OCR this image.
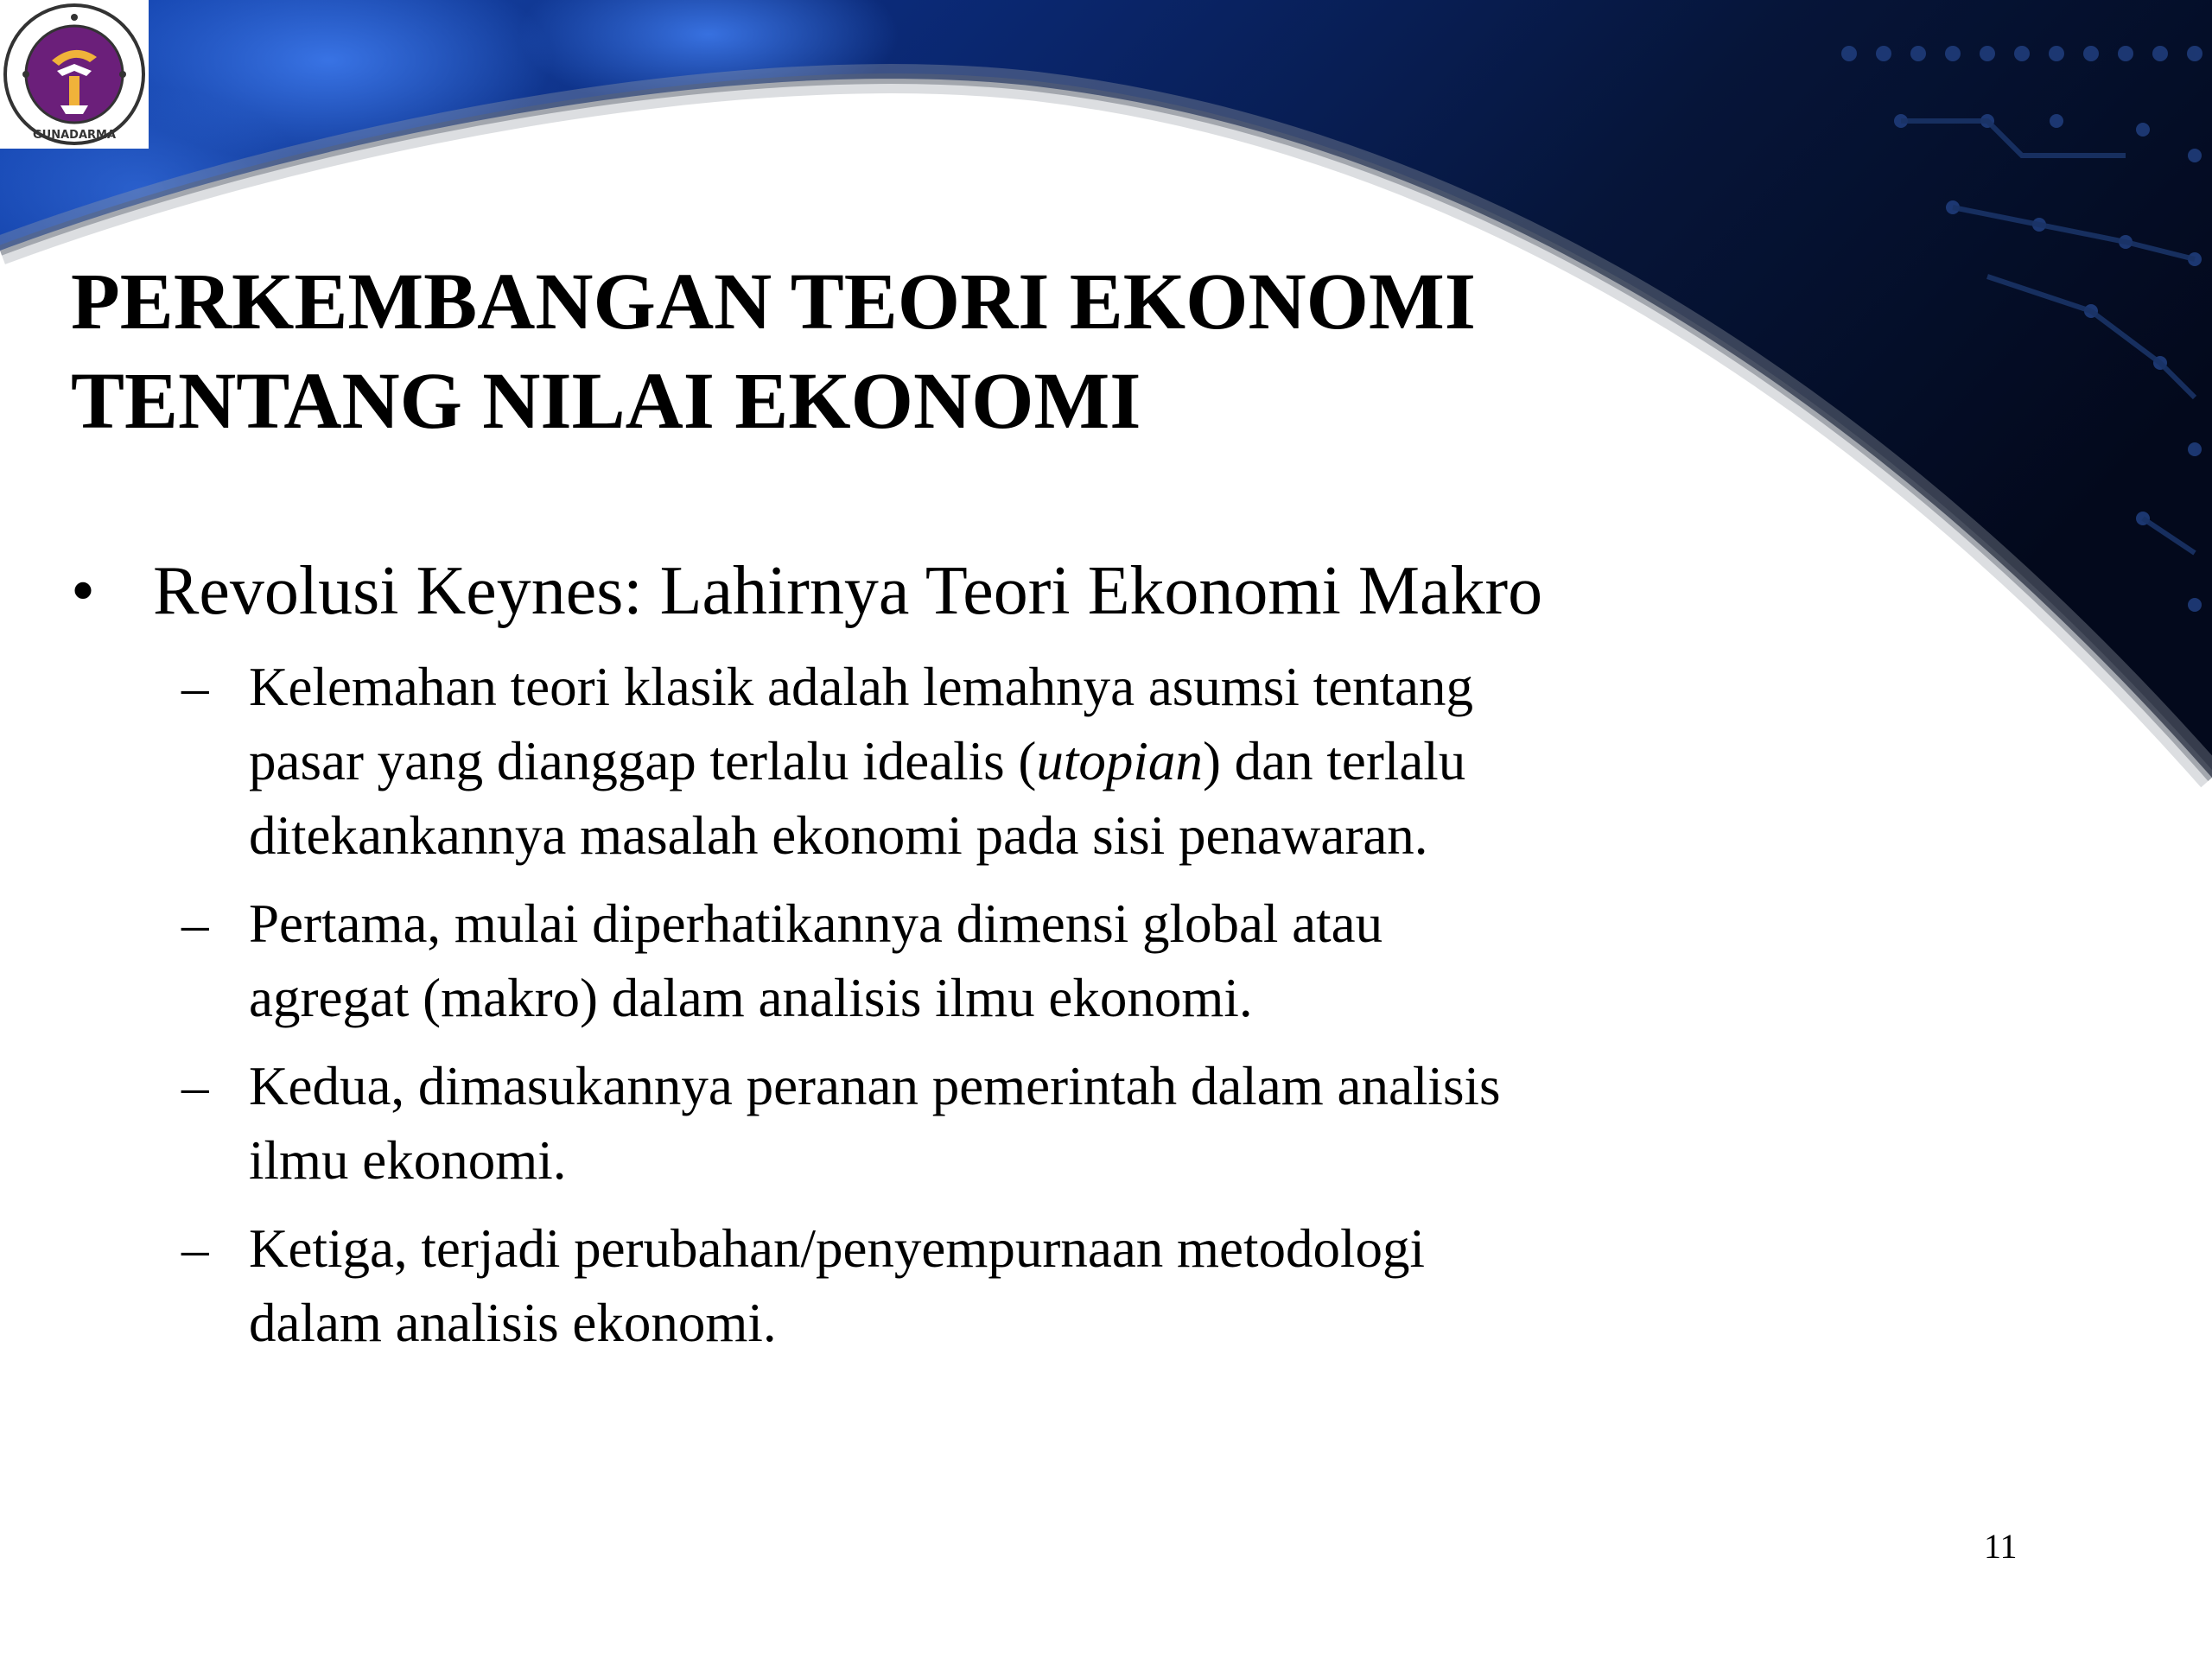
GUNADARMA
PERKEMBANGAN TEORI EKONOMI
TENTANG NILAI EKONOMI
• Revolusi Keynes: Lahirnya Teori Ekonomi Makro
– Kelemahan teori klasik adalah lemahnya asumsi tentang
pasar yang dianggap terlalu idealis (utopian) dan terlalu
ditekankannya masalah ekonomi pada sisi penawaran.
– Pertama, mulai diperhatikannya dimensi global atau
agregat (makro) dalam analisis ilmu ekonomi.
– Kedua, dimasukannya peranan pemerintah dalam analisis
ilmu ekonomi.
– Ketiga, terjadi perubahan/penyempurnaan metodologi
dalam analisis ekonomi.
11
